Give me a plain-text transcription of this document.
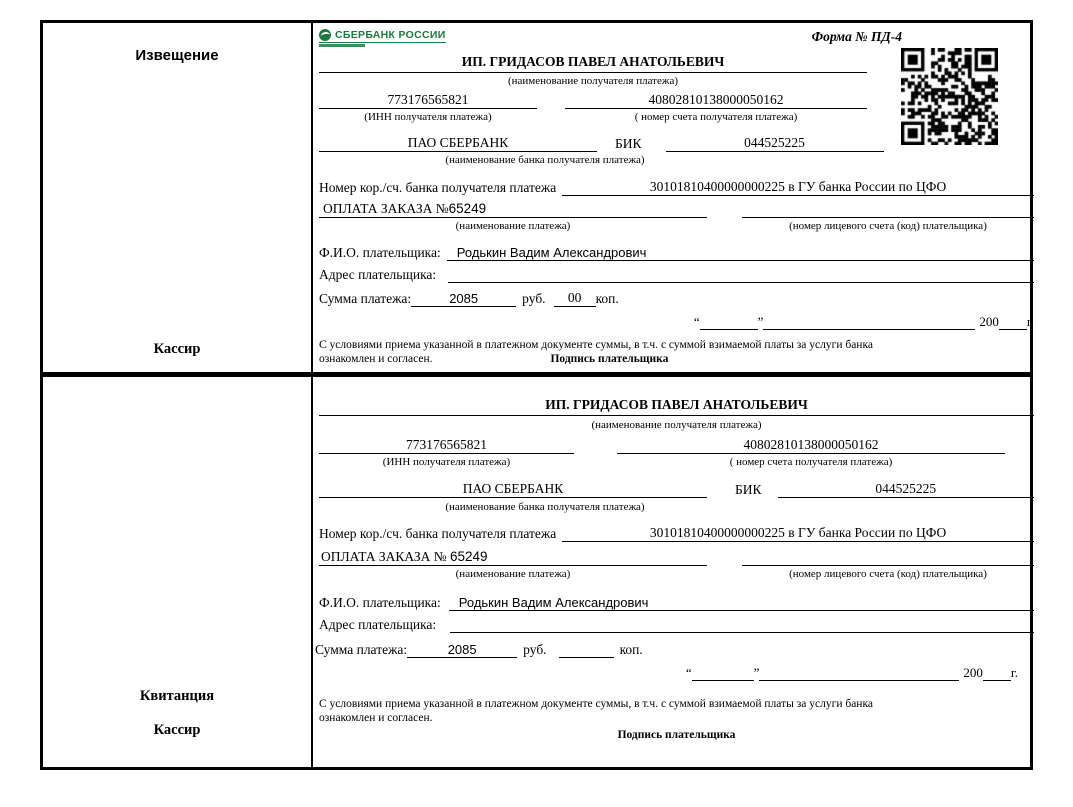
Извещение
Кассир
СБЕРБАНК РОССИИ	Форма № ПД-4
ИП. ГРИДАСОВ ПАВЕЛ АНАТОЛЬЕВИЧ
(наименование получателя платежа)
773176565821	40802810138000050162
(ИНН получателя платежа)	( номер счета получателя платежа)
ПАО СБЕРБАНК	БИК	044525225
(наименование банка получателя платежа)
Номер кор./сч. банка получателя платежа	30101810400000000225 в ГУ банка России по ЦФО
ОПЛАТА ЗАКАЗА №65249
(наименование платежа)	(номер лицевого счета (код) плательщика)
Ф.И.О. плательщика:	Родькин Вадим Александрович
Адрес плательщика:
Сумма платежа:	2085	руб.	00	коп.
“	”	200 г.
С условиями приема указанной в платежном документе суммы, в т.ч. с суммой взимаемой платы за услуги банка
ознакомлен и согласен.	Подпись плательщика
Квитанция
Кассир
ИП. ГРИДАСОВ ПАВЕЛ АНАТОЛЬЕВИЧ
(наименование получателя платежа)
773176565821	40802810138000050162
(ИНН получателя платежа)	( номер счета получателя платежа)
ПАО СБЕРБАНК	БИК	044525225
(наименование банка получателя платежа)
Номер кор./сч. банка получателя платежа	30101810400000000225 в ГУ банка России по ЦФО
ОПЛАТА ЗАКАЗА № 65249
(наименование платежа)	(номер лицевого счета (код) плательщика)
Ф.И.О. плательщика:	Родькин Вадим Александрович
Адрес плательщика:
Сумма платежа:	2085	руб.	коп.
“	”	200 г.
С условиями приема указанной в платежном документе суммы, в т.ч. с суммой взимаемой платы за услуги банка
ознакомлен и согласен.
Подпись плательщика
